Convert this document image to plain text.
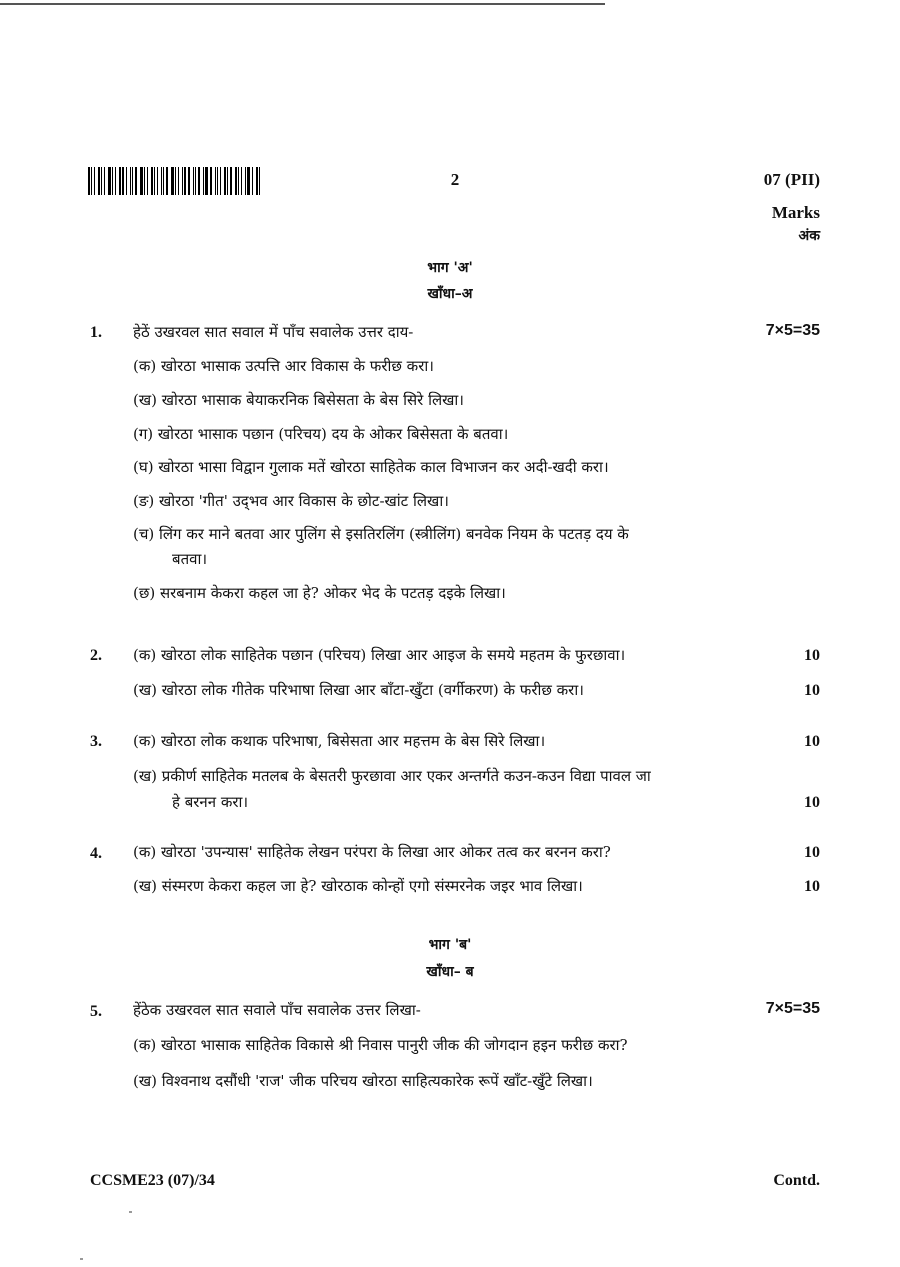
2	07 (PII)
Marks
अंक
भाग 'अ'
खाँधा–अ
1. हेठें उखरवल सात सवाल में पाँच सवालेक उत्तर दाय-	7×5=35
(क) खोरठा भासाक उत्पत्ति आर विकास के फरीछ करा।
(ख) खोरठा भासाक बेयाकरनिक बिसेसता के बेस सिरे लिखा।
(ग) खोरठा भासाक पछान (परिचय) दय के ओकर बिसेसता के बतवा।
(घ) खोरठा भासा विद्वान गुलाक मतें खोरठा साहितेक काल विभाजन कर अदी-खदी करा।
(ङ) खोरठा 'गीत' उद्‌भव आर विकास के छोट-खांट लिखा।
(च) लिंग कर माने बतवा आर पुलिंग से इसतिरलिंग (स्त्रीलिंग) बनवेक नियम के पटतड़ दय के
बतवा।
(छ) सरबनाम केकरा कहल जा हे? ओकर भेद के पटतड़ दइके लिखा।
2. (क) खोरठा लोक साहितेक पछान (परिचय) लिखा आर आइज के समये महतम के फुरछावा।	10
(ख) खोरठा लोक गीतेक परिभाषा लिखा आर बाँटा-खुँटा (वर्गीकरण) के फरीछ करा।	10
3. (क) खोरठा लोक कथाक परिभाषा, बिसेसता आर महत्तम के बेस सिरे लिखा।	10
(ख) प्रकीर्ण साहितेक मतलब के बेसतरी फुरछावा आर एकर अन्तर्गते कउन-कउन विद्या पावल जा
हे बरनन करा।	10
4. (क) खोरठा 'उपन्यास' साहितेक लेखन परंपरा के लिखा आर ओकर तत्व कर बरनन करा?	10
(ख) संस्मरण केकरा कहल जा हे? खोरठाक कोन्हों एगो संस्मरनेक जइर भाव लिखा।	10
भाग 'ब'
खाँधा– ब
5. हेंठेक उखरवल सात सवाले पाँच सवालेक उत्तर लिखा-	7×5=35
(क) खोरठा भासाक साहितेक विकासे श्री निवास पानुरी जीक की जोगदान हइन फरीछ करा?
(ख) विश्वनाथ दसौंधी 'राज' जीक परिचय खोरठा साहित्यकारेक रूपें खाँट-खुँटे लिखा।
CCSME23 (07)/34	Contd.
